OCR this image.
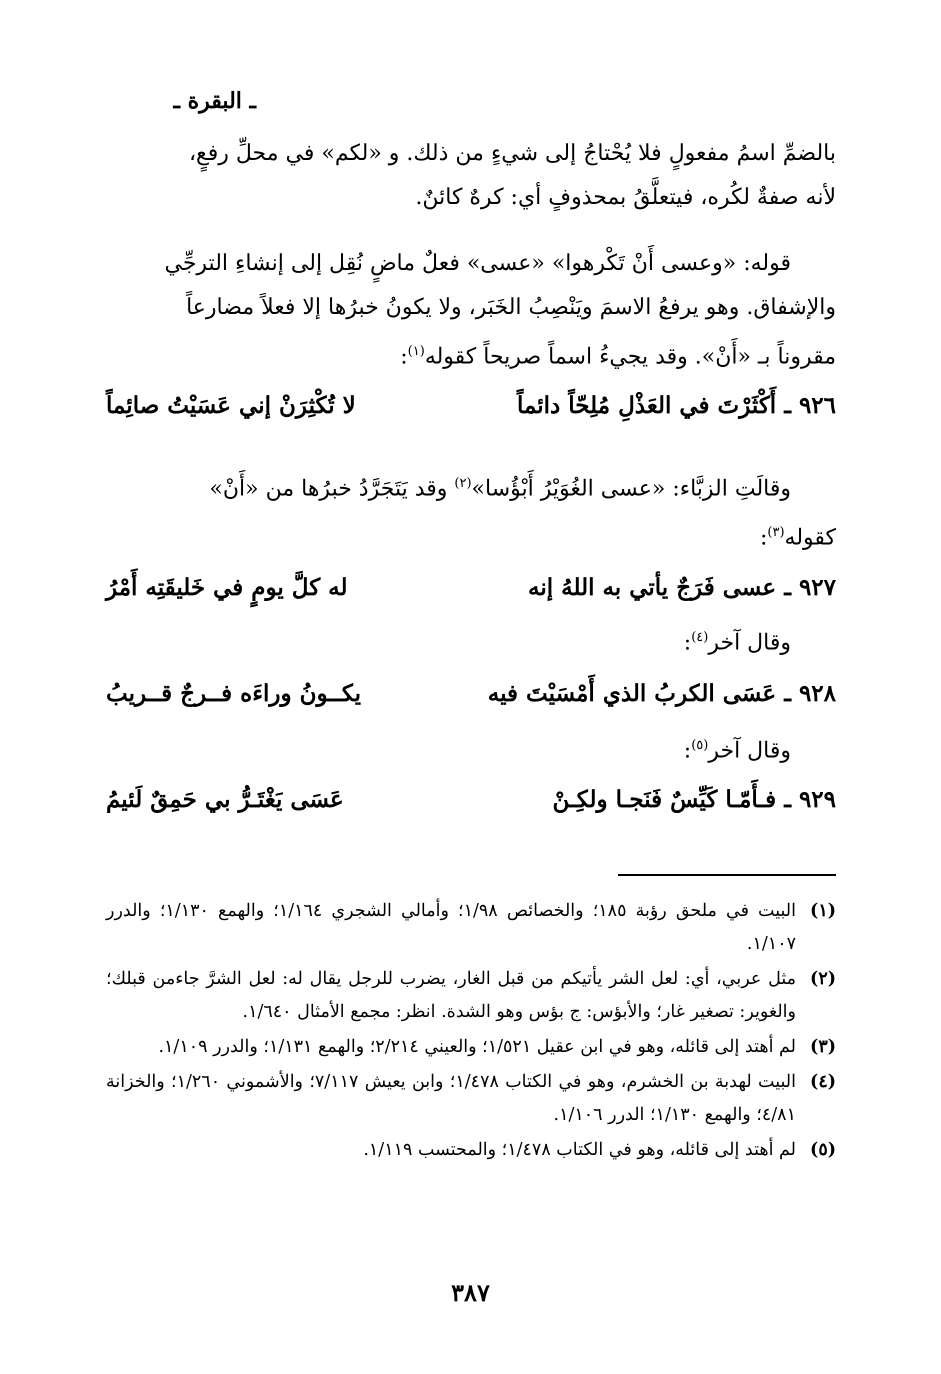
ـ البقرة ـ
بالضمِّ اسمُ مفعولٍ فلا يُحْتاجُ إلى شيءٍ من ذلك. و «لكم» في محلِّ رفعٍ،
لأنه صفةٌ لكُره، فيتعلَّقُ بمحذوفٍ أي: كرهٌ كائنٌ.
قوله: «وعسى أَنْ تَكْرهوا» «عسى» فعلٌ ماضٍ نُقِل إلى إنشاءِ الترجِّي
والإشفاق. وهو يرفعُ الاسمَ ويَنْصِبُ الخَبَر، ولا يكونُ خبرُها إلا فعلاً مضارعاً
مقروناً بـ «أَنْ». وقد يجيءُ اسماً صريحاً كقوله$^{(١)}$:
٩٢٦ ـ أَكْثَرْتَ في العَذْلِ مُلِحّاً دائماً
لا تُكْثِرَنْ إني عَسَيْتُ صائِماً
وقالَتِ الزبَّاء: «عسى الغُوَيْرُ أَبْؤُسا»$^{(٢)}$ وقد يَتَجَرَّدُ خبرُها من «أَنْ»
كقوله$^{(٣)}$:
٩٢٧ ـ عسى فَرَجٌ يأتي به اللهُ إنه
له كلَّ يومٍ في خَليقَتِه أَمْرُ
وقال آخر$^{(٤)}$:
٩٢٨ ـ عَسَى الكربُ الذي أَمْسَيْتَ فيه
يكــونُ وراءَه فــرجٌ قــريبُ
وقال آخر$^{(٥)}$:
٩٢٩ ـ فـأَمّـا كَيِّسٌ فَنَجـا ولكِـنْ
عَسَى يَغْتَـرُّ بي حَمِقٌ لَئيمُ
(١)
البيت في ملحق رؤبة ١٨٥؛ والخصائص ١/٩٨؛ وأمالي الشجري ١/١٦٤؛ والهمع ١/١٣٠؛ والدرر ١/١٠٧.
(٢)
مثل عربي، أي: لعل الشر يأتيكم من قبل الغار، يضرب للرجل يقال له: لعل الشرَّ جاءمن قبلك؛ والغوير: تصغير غار؛ والأبؤس: ج بؤس وهو الشدة. انظر: مجمع الأمثال ١/٦٤٠.
(٣)
لم أهتد إلى قائله، وهو في ابن عقيل ١/٥٢١؛ والعيني ٢/٢١٤؛ والهمع ١/١٣١؛ والدرر ١/١٠٩.
(٤)
البيت لهدبة بن الخشرم، وهو في الكتاب ١/٤٧٨؛ وابن يعيش ٧/١١٧؛ والأشموني ١/٢٦٠؛ والخزانة ٤/٨١؛ والهمع ١/١٣٠؛ الدرر ١/١٠٦.
(٥)
لم أهتد إلى قائله، وهو في الكتاب ١/٤٧٨؛ والمحتسب ١/١١٩.
٣٨٧
